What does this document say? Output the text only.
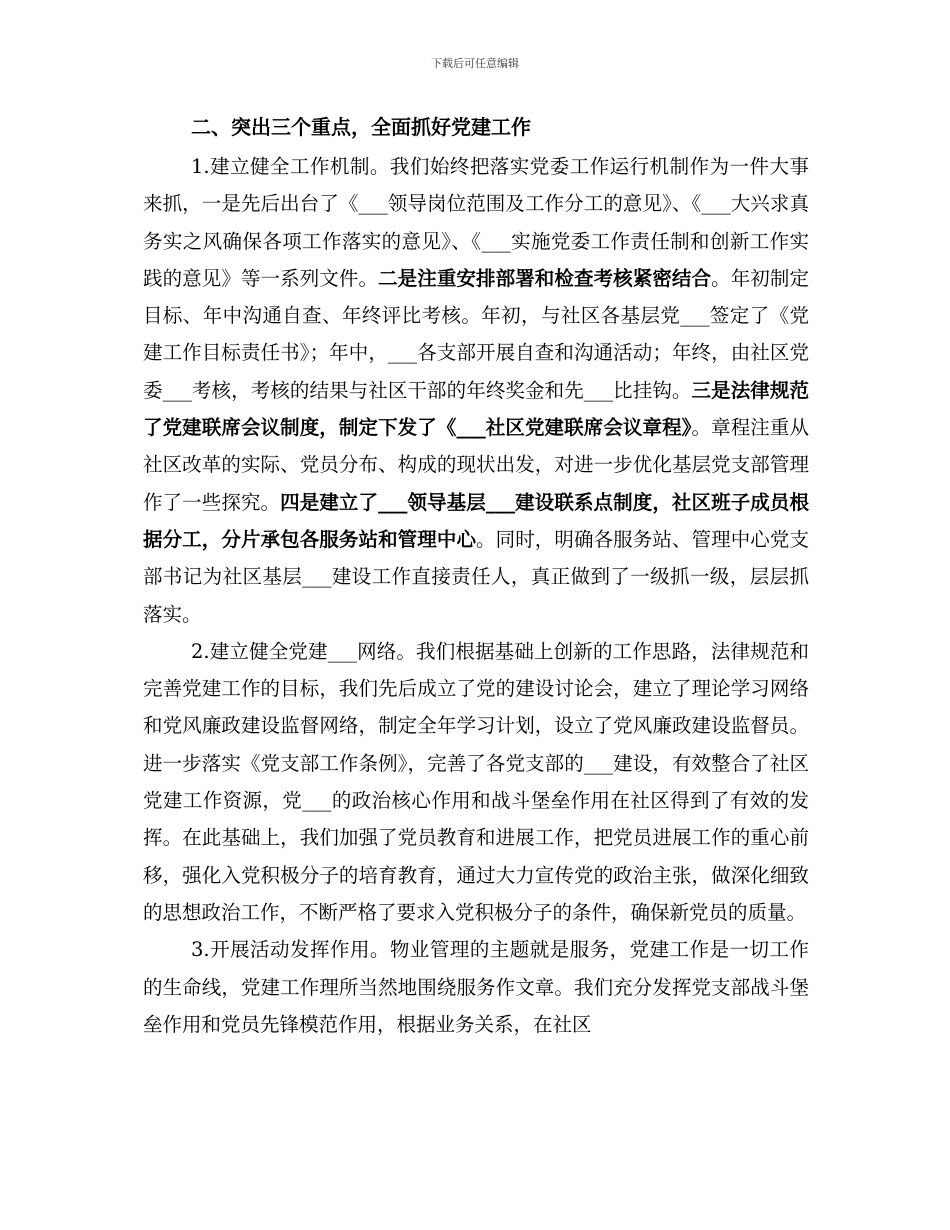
下载后可任意编辑
二、突出三个重点，全面抓好党建工作

1.建立健全工作机制。我们始终把落实党委工作运行机制作为一件大事来抓，一是先后出台了《___领导岗位范围及工作分工的意见》、《___大兴求真务实之风确保各项工作落实的意见》、《___实施党委工作责任制和创新工作实践的意见》等一系列文件。二是注重安排部署和检查考核紧密结合。年初制定目标、年中沟通自查、年终评比考核。年初，与社区各基层党___签定了《党建工作目标责任书》；年中，___各支部开展自查和沟通活动；年终，由社区党委___考核，考核的结果与社区干部的年终奖金和先___比挂钩。三是法律规范了党建联席会议制度，制定下发了《___社区党建联席会议章程》。章程注重从社区改革的实际、党员分布、构成的现状出发，对进一步优化基层党支部管理作了一些探究。四是建立了___领导基层___建设联系点制度，社区班子成员根据分工，分片承包各服务站和管理中心。同时，明确各服务站、管理中心党支部书记为社区基层___建设工作直接责任人，真正做到了一级抓一级，层层抓落实。

2.建立健全党建___网络。我们根据基础上创新的工作思路，法律规范和完善党建工作的目标，我们先后成立了党的建设讨论会，建立了理论学习网络和党风廉政建设监督网络，制定全年学习计划，设立了党风廉政建设监督员。进一步落实《党支部工作条例》，完善了各党支部的___建设，有效整合了社区党建工作资源，党___的政治核心作用和战斗堡垒作用在社区得到了有效的发挥。在此基础上，我们加强了党员教育和进展工作，把党员进展工作的重心前移，强化入党积极分子的培育教育，通过大力宣传党的政治主张，做深化细致的思想政治工作，不断严格了要求入党积极分子的条件，确保新党员的质量。

3.开展活动发挥作用。物业管理的主题就是服务，党建工作是一切工作的生命线，党建工作理所当然地围绕服务作文章。我们充分发挥党支部战斗堡垒作用和党员先锋模范作用，根据业务关系，在社区
